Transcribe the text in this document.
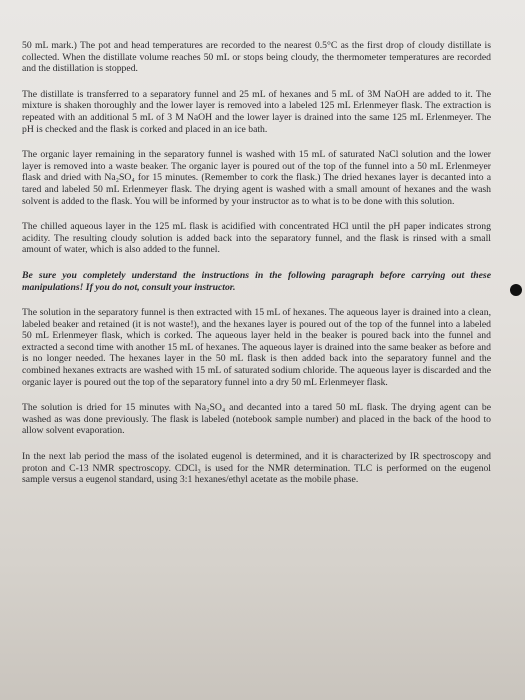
50 mL mark.) The pot and head temperatures are recorded to the nearest 0.5°C as the first drop of cloudy distillate is collected. When the distillate volume reaches 50 mL or stops being cloudy, the thermometer temperatures are recorded and the distillation is stopped.

The distillate is transferred to a separatory funnel and 25 mL of hexanes and 5 mL of 3M NaOH are added to it. The mixture is shaken thoroughly and the lower layer is removed into a labeled 125 mL Erlenmeyer flask. The extraction is repeated with an additional 5 mL of 3 M NaOH and the lower layer is drained into the same 125 mL Erlenmeyer. The pH is checked and the flask is corked and placed in an ice bath.

The organic layer remaining in the separatory funnel is washed with 15 mL of saturated NaCl solution and the lower layer is removed into a waste beaker. The organic layer is poured out of the top of the funnel into a 50 mL Erlenmeyer flask and dried with Na₂SO₄ for 15 minutes. (Remember to cork the flask.) The dried hexanes layer is decanted into a tared and labeled 50 mL Erlenmeyer flask. The drying agent is washed with a small amount of hexanes and the wash solvent is added to the flask. You will be informed by your instructor as to what is to be done with this solution.

The chilled aqueous layer in the 125 mL flask is acidified with concentrated HCl until the pH paper indicates strong acidity. The resulting cloudy solution is added back into the separatory funnel, and the flask is rinsed with a small amount of water, which is also added to the funnel.

Be sure you completely understand the instructions in the following paragraph before carrying out these manipulations! If you do not, consult your instructor.

The solution in the separatory funnel is then extracted with 15 mL of hexanes. The aqueous layer is drained into a clean, labeled beaker and retained (it is not waste!), and the hexanes layer is poured out of the top of the funnel into a labeled 50 mL Erlenmeyer flask, which is corked. The aqueous layer held in the beaker is poured back into the funnel and extracted a second time with another 15 mL of hexanes. The aqueous layer is drained into the same beaker as before and is no longer needed. The hexanes layer in the 50 mL flask is then added back into the separatory funnel and the combined hexanes extracts are washed with 15 mL of saturated sodium chloride. The aqueous layer is discarded and the organic layer is poured out the top of the separatory funnel into a dry 50 mL Erlenmeyer flask.

The solution is dried for 15 minutes with Na₂SO₄ and decanted into a tared 50 mL flask. The drying agent can be washed as was done previously. The flask is labeled (notebook sample number) and placed in the back of the hood to allow solvent evaporation.

In the next lab period the mass of the isolated eugenol is determined, and it is characterized by IR spectroscopy and proton and C-13 NMR spectroscopy. CDCl₃ is used for the NMR determination. TLC is performed on the eugenol sample versus a eugenol standard, using 3:1 hexanes/ethyl acetate as the mobile phase.
